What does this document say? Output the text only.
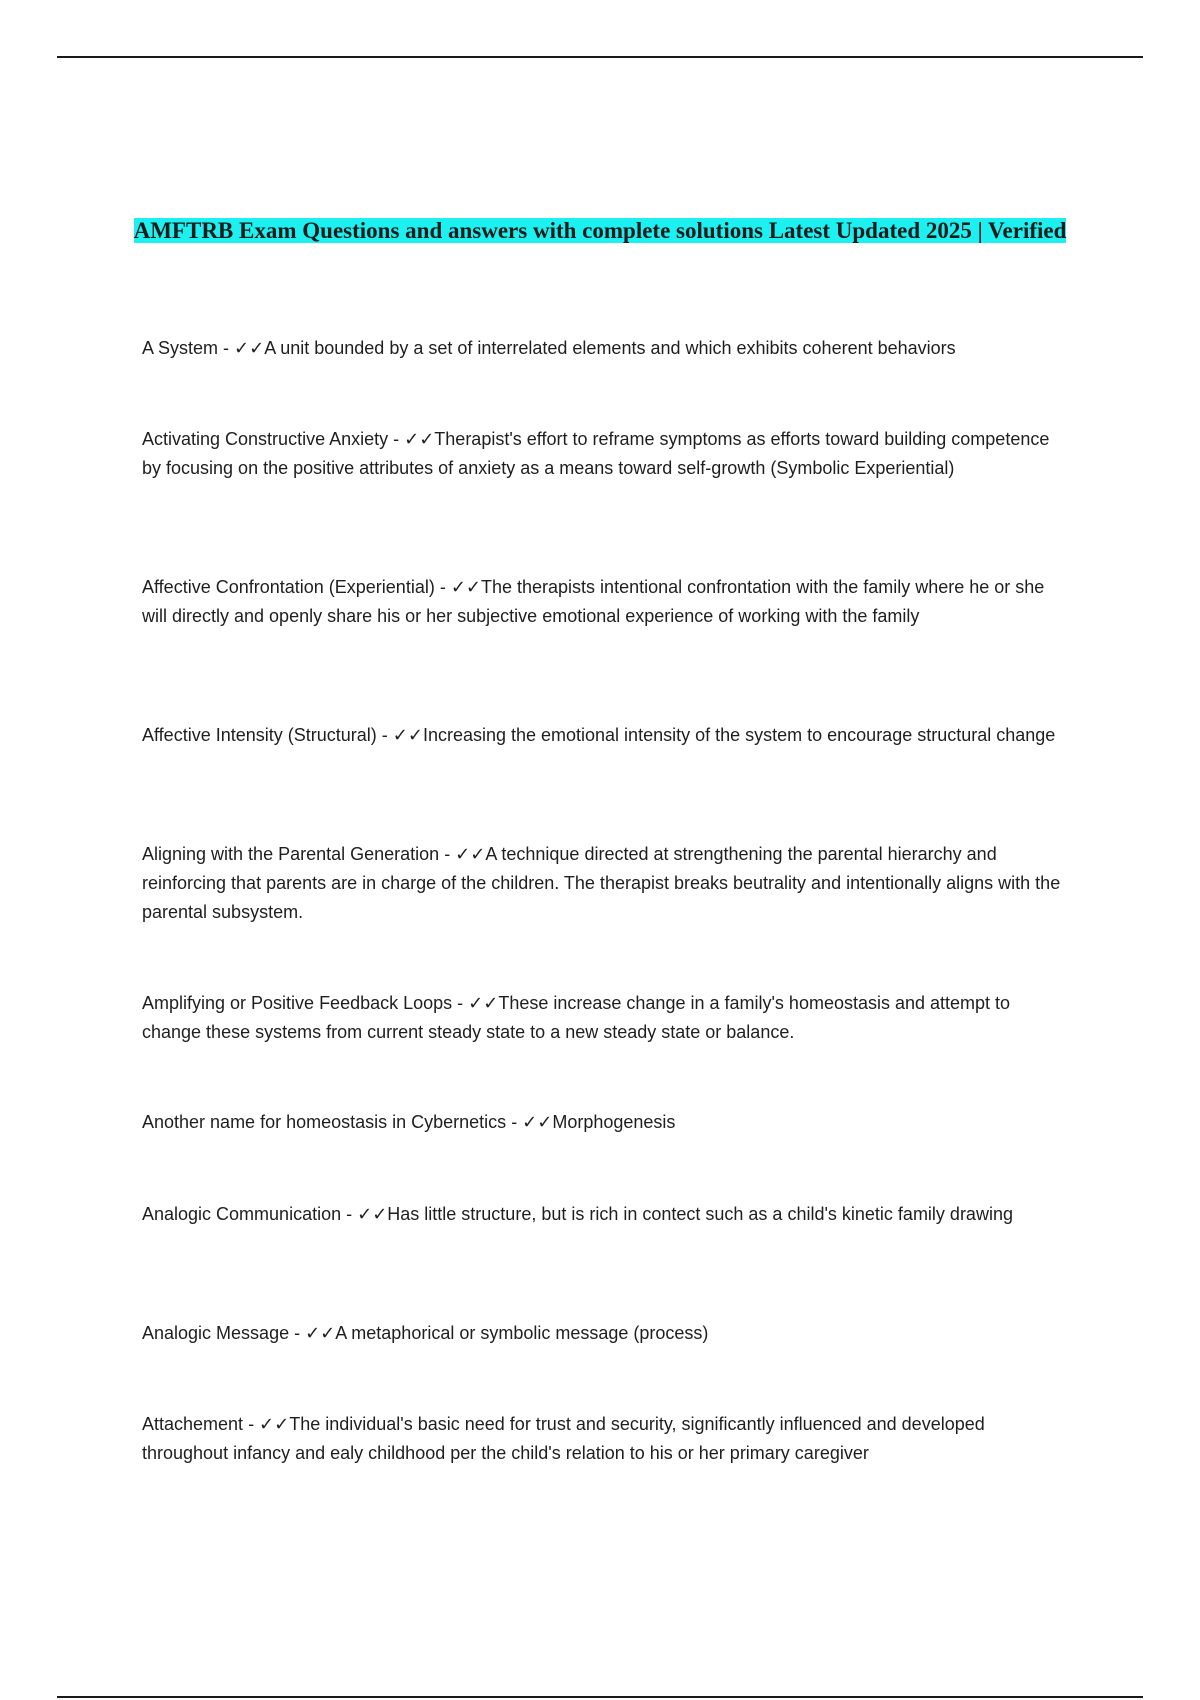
AMFTRB Exam Questions and answers with complete solutions Latest Updated 2025 | Verified
A System - ✓✓A unit bounded by a set of interrelated elements and which exhibits coherent behaviors
Activating Constructive Anxiety - ✓✓Therapist's effort to reframe symptoms as efforts toward building competence by focusing on the positive attributes of anxiety as a means toward self-growth (Symbolic Experiential)
Affective Confrontation (Experiential) - ✓✓The therapists intentional confrontation with the family where he or she will directly and openly share his or her subjective emotional experience of working with the family
Affective Intensity (Structural) - ✓✓Increasing the emotional intensity of the system to encourage structural change
Aligning with the Parental Generation - ✓✓A technique directed at strengthening the parental hierarchy and reinforcing that parents are in charge of the children. The therapist breaks beutrality and intentionally aligns with the parental subsystem.
Amplifying or Positive Feedback Loops - ✓✓These increase change in a family's homeostasis and attempt to change these systems from current steady state to a new steady state or balance.
Another name for homeostasis in Cybernetics - ✓✓Morphogenesis
Analogic Communication - ✓✓Has little structure, but is rich in contect such as a child's kinetic family drawing
Analogic Message - ✓✓A metaphorical or symbolic message (process)
Attachement - ✓✓The individual's basic need for trust and security, significantly influenced and developed throughout infancy and ealy childhood per the child's relation to his or her primary caregiver
